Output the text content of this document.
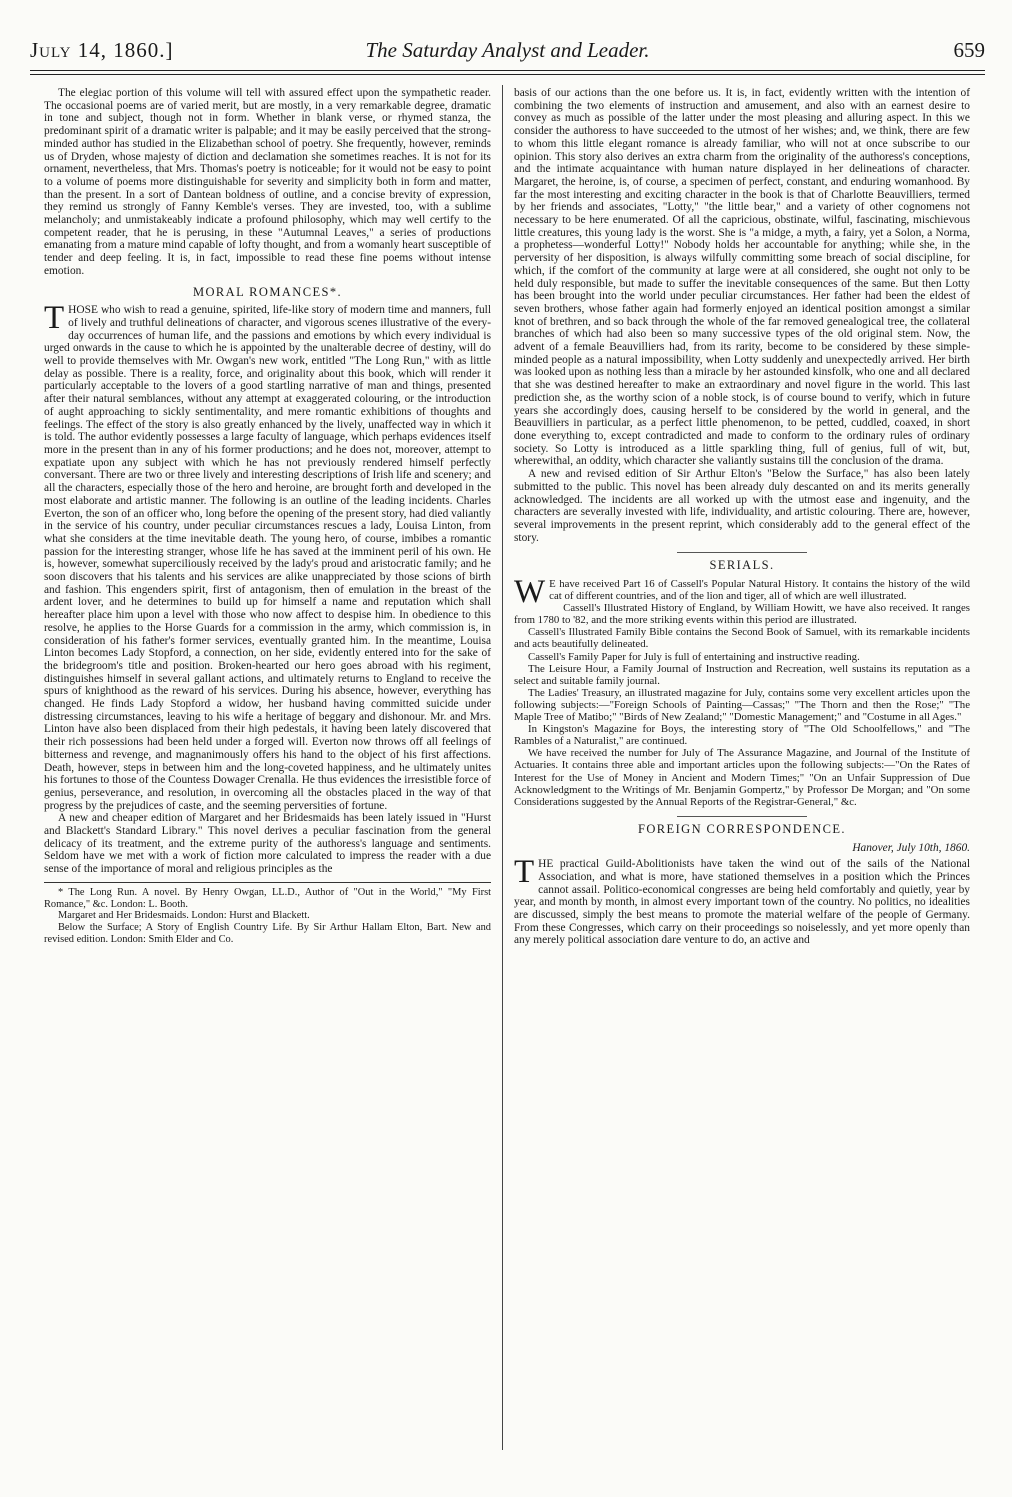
July 14, 1860.]	The Saturday Analyst and Leader.	659

The elegiac portion of this volume will tell with assured effect upon the sympathetic reader. The occasional poems are of varied merit, but are mostly, in a very remarkable degree, dramatic in tone and subject, though not in form. Whether in blank verse, or rhymed stanza, the predominant spirit of a dramatic writer is palpable; and it may be easily perceived that the strong-minded author has studied in the Elizabethan school of poetry. She frequently, however, reminds us of Dryden, whose majesty of diction and declamation she sometimes reaches. It is not for its ornament, nevertheless, that Mrs. Thomas's poetry is noticeable; for it would not be easy to point to a volume of poems more distinguishable for severity and simplicity both in form and matter, than the present. In a sort of Dantean boldness of outline, and a concise brevity of expression, they remind us strongly of Fanny Kemble's verses. They are invested, too, with a sublime melancholy; and unmistakeably indicate a profound philosophy, which may well certify to the competent reader, that he is perusing, in these "Autumnal Leaves," a series of productions emanating from a mature mind capable of lofty thought, and from a womanly heart susceptible of tender and deep feeling. It is, in fact, impossible to read these fine poems without intense emotion.

MORAL ROMANCES*.

THOSE who wish to read a genuine, spirited, life-like story of modern time and manners, full of lively and truthful delineations of character, and vigorous scenes illustrative of the every-day occurrences of human life, and the passions and emotions by which every individual is urged onwards in the cause to which he is appointed by the unalterable decree of destiny, will do well to provide themselves with Mr. Owgan's new work, entitled "The Long Run," with as little delay as possible. There is a reality, force, and originality about this book, which will render it particularly acceptable to the lovers of a good startling narrative of man and things, presented after their natural semblances, without any attempt at exaggerated colouring, or the introduction of aught approaching to sickly sentimentality, and mere romantic exhibitions of thoughts and feelings. The effect of the story is also greatly enhanced by the lively, unaffected way in which it is told. The author evidently possesses a large faculty of language, which perhaps evidences itself more in the present than in any of his former productions; and he does not, moreover, attempt to expatiate upon any subject with which he has not previously rendered himself perfectly conversant. There are two or three lively and interesting descriptions of Irish life and scenery; and all the characters, especially those of the hero and heroine, are brought forth and developed in the most elaborate and artistic manner. The following is an outline of the leading incidents. Charles Everton, the son of an officer who, long before the opening of the present story, had died valiantly in the service of his country, under peculiar circumstances rescues a lady, Louisa Linton, from what she considers at the time inevitable death. The young hero, of course, imbibes a romantic passion for the interesting stranger, whose life he has saved at the imminent peril of his own. He is, however, somewhat superciliously received by the lady's proud and aristocratic family; and he soon discovers that his talents and his services are alike unappreciated by those scions of birth and fashion. This engenders spirit, first of antagonism, then of emulation in the breast of the ardent lover, and he determines to build up for himself a name and reputation which shall hereafter place him upon a level with those who now affect to despise him. In obedience to this resolve, he applies to the Horse Guards for a commission in the army, which commission is, in consideration of his father's former services, eventually granted him. In the meantime, Louisa Linton becomes Lady Stopford, a connection, on her side, evidently entered into for the sake of the bridegroom's title and position. Broken-hearted our hero goes abroad with his regiment, distinguishes himself in several gallant actions, and ultimately returns to England to receive the spurs of knighthood as the reward of his services. During his absence, however, everything has changed. He finds Lady Stopford a widow, her husband having committed suicide under distressing circumstances, leaving to his wife a heritage of beggary and dishonour. Mr. and Mrs. Linton have also been displaced from their high pedestals, it having been lately discovered that their rich possessions had been held under a forged will. Everton now throws off all feelings of bitterness and revenge, and magnanimously offers his hand to the object of his first affections. Death, however, steps in between him and the long-coveted happiness, and he ultimately unites his fortunes to those of the Countess Dowager Crenalla. He thus evidences the irresistible force of genius, perseverance, and resolution, in overcoming all the obstacles placed in the way of that progress by the prejudices of caste, and the seeming perversities of fortune.

A new and cheaper edition of Margaret and her Bridesmaids has been lately issued in "Hurst and Blackett's Standard Library." This novel derives a peculiar fascination from the general delicacy of its treatment, and the extreme purity of the authoress's language and sentiments. Seldom have we met with a work of fiction more calculated to impress the reader with a due sense of the importance of moral and religious principles as the

* The Long Run. A novel. By Henry Owgan, LL.D., Author of "Out in the World," "My First Romance," &c. London: L. Booth.

Margaret and Her Bridesmaids. London: Hurst and Blackett.

Below the Surface; A Story of English Country Life. By Sir Arthur Hallam Elton, Bart. New and revised edition. London: Smith Elder and Co.

basis of our actions than the one before us. It is, in fact, evidently written with the intention of combining the two elements of instruction and amusement, and also with an earnest desire to convey as much as possible of the latter under the most pleasing and alluring aspect. In this we consider the authoress to have succeeded to the utmost of her wishes; and, we think, there are few to whom this little elegant romance is already familiar, who will not at once subscribe to our opinion. This story also derives an extra charm from the originality of the authoress's conceptions, and the intimate acquaintance with human nature displayed in her delineations of character. Margaret, the heroine, is, of course, a specimen of perfect, constant, and enduring womanhood. By far the most interesting and exciting character in the book is that of Charlotte Beauvilliers, termed by her friends and associates, "Lotty," "the little bear," and a variety of other cognomens not necessary to be here enumerated. Of all the capricious, obstinate, wilful, fascinating, mischievous little creatures, this young lady is the worst. She is "a midge, a myth, a fairy, yet a Solon, a Norma, a prophetess—wonderful Lotty!" Nobody holds her accountable for anything; while she, in the perversity of her disposition, is always wilfully committing some breach of social discipline, for which, if the comfort of the community at large were at all considered, she ought not only to be held duly responsible, but made to suffer the inevitable consequences of the same. But then Lotty has been brought into the world under peculiar circumstances. Her father had been the eldest of seven brothers, whose father again had formerly enjoyed an identical position amongst a similar knot of brethren, and so back through the whole of the far removed genealogical tree, the collateral branches of which had also been so many successive types of the old original stem. Now, the advent of a female Beauvilliers had, from its rarity, become to be considered by these simple-minded people as a natural impossibility, when Lotty suddenly and unexpectedly arrived. Her birth was looked upon as nothing less than a miracle by her astounded kinsfolk, who one and all declared that she was destined hereafter to make an extraordinary and novel figure in the world. This last prediction she, as the worthy scion of a noble stock, is of course bound to verify, which in future years she accordingly does, causing herself to be considered by the world in general, and the Beauvilliers in particular, as a perfect little phenomenon, to be petted, cuddled, coaxed, in short done everything to, except contradicted and made to conform to the ordinary rules of ordinary society. So Lotty is introduced as a little sparkling thing, full of genius, full of wit, but, wherewithal, an oddity, which character she valiantly sustains till the conclusion of the drama.

A new and revised edition of Sir Arthur Elton's "Below the Surface," has also been lately submitted to the public. This novel has been already duly descanted on and its merits generally acknowledged. The incidents are all worked up with the utmost ease and ingenuity, and the characters are severally invested with life, individuality, and artistic colouring. There are, however, several improvements in the present reprint, which considerably add to the general effect of the story.

SERIALS.

W E have received Part 16 of Cassell's Popular Natural History. It contains the history of the wild cat of different countries, and of the lion and tiger, all of which are well illustrated.

Cassell's Illustrated History of England, by William Howitt, we have also received. It ranges from 1780 to '82, and the more striking events within this period are illustrated.

Cassell's Illustrated Family Bible contains the Second Book of Samuel, with its remarkable incidents and acts beautifully delineated.

Cassell's Family Paper for July is full of entertaining and instructive reading.

The Leisure Hour, a Family Journal of Instruction and Recreation, well sustains its reputation as a select and suitable family journal.

The Ladies' Treasury, an illustrated magazine for July, contains some very excellent articles upon the following subjects:—"Foreign Schools of Painting—Cassas;" "The Thorn and then the Rose;" "The Maple Tree of Matibo;" "Birds of New Zealand;" "Domestic Management;" and "Costume in all Ages."

In Kingston's Magazine for Boys, the interesting story of "The Old Schoolfellows," and "The Rambles of a Naturalist," are continued.

We have received the number for July of The Assurance Magazine, and Journal of the Institute of Actuaries. It contains three able and important articles upon the following subjects:—"On the Rates of Interest for the Use of Money in Ancient and Modern Times;" "On an Unfair Suppression of Due Acknowledgment to the Writings of Mr. Benjamin Gompertz," by Professor De Morgan; and "On some Considerations suggested by the Annual Reports of the Registrar-General," &c.

FOREIGN CORRESPONDENCE.
Hanover, July 10th, 1860.

THE practical Guild-Abolitionists have taken the wind out of the sails of the National Association, and what is more, have stationed themselves in a position which the Princes cannot assail. Politico-economical congresses are being held comfortably and quietly, year by year, and month by month, in almost every important town of the country. No politics, no idealities are discussed, simply the best means to promote the material welfare of the people of Germany. From these Congresses, which carry on their proceedings so noiselessly, and yet more openly than any merely political association dare venture to do, an active and
